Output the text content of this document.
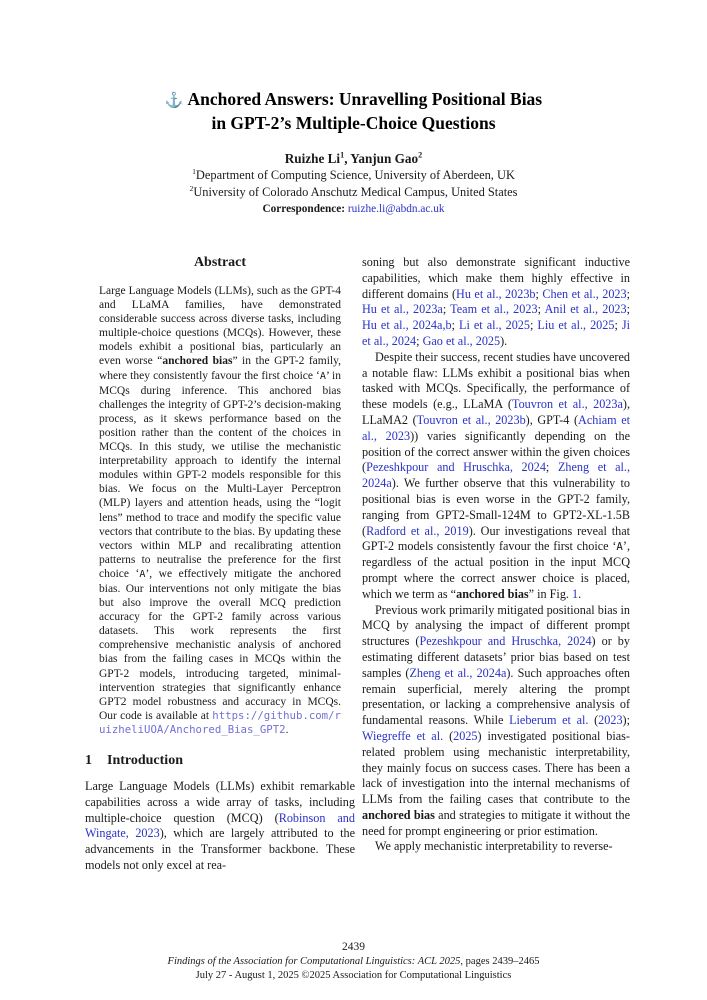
⚓ Anchored Answers: Unravelling Positional Bias
in GPT-2’s Multiple-Choice Questions
Ruizhe Li$^1$, Yanjun Gao$^2$
$^1$Department of Computing Science, University of Aberdeen, UK
$^2$University of Colorado Anschutz Medical Campus, United States
Correspondence: ruizhe.li@abdn.ac.uk
Abstract

Large Language Models (LLMs), such as the GPT-4 and LLaMA families, have demonstrated considerable success across diverse tasks, including multiple-choice questions (MCQs). However, these models exhibit a positional bias, particularly an even worse “anchored bias” in the GPT-2 family, where they consistently favour the first choice ‘A’ in MCQs during inference. This anchored bias challenges the integrity of GPT-2’s decision-making process, as it skews performance based on the position rather than the content of the choices in MCQs. In this study, we utilise the mechanistic interpretability approach to identify the internal modules within GPT-2 models responsible for this bias. We focus on the Multi-Layer Perceptron (MLP) layers and attention heads, using the “logit lens” method to trace and modify the specific value vectors that contribute to the bias. By updating these vectors within MLP and recalibrating attention patterns to neutralise the preference for the first choice ‘A’, we effectively mitigate the anchored bias. Our interventions not only mitigate the bias but also improve the overall MCQ prediction accuracy for the GPT-2 family across various datasets. This work represents the first comprehensive mechanistic analysis of anchored bias from the failing cases in MCQs within the GPT-2 models, introducing targeted, minimal-intervention strategies that significantly enhance GPT2 model robustness and accuracy in MCQs. Our code is available at https://github.com/ruizheliUOA/Anchored_Bias_GPT2.

1 Introduction

Large Language Models (LLMs) exhibit remarkable capabilities across a wide array of tasks, including multiple-choice question (MCQ) (Robinson and Wingate, 2023), which are largely attributed to the advancements in the Transformer backbone. These models not only excel at rea-

soning but also demonstrate significant inductive capabilities, which make them highly effective in different domains (Hu et al., 2023b; Chen et al., 2023; Hu et al., 2023a; Team et al., 2023; Anil et al., 2023; Hu et al., 2024a,b; Li et al., 2025; Liu et al., 2025; Ji et al., 2024; Gao et al., 2025).

Despite their success, recent studies have uncovered a notable flaw: LLMs exhibit a positional bias when tasked with MCQs. Specifically, the performance of these models (e.g., LLaMA (Touvron et al., 2023a), LLaMA2 (Touvron et al., 2023b), GPT-4 (Achiam et al., 2023)) varies significantly depending on the position of the correct answer within the given choices (Pezeshkpour and Hruschka, 2024; Zheng et al., 2024a). We further observe that this vulnerability to positional bias is even worse in the GPT-2 family, ranging from GPT2-Small-124M to GPT2-XL-1.5B (Radford et al., 2019). Our investigations reveal that GPT-2 models consistently favour the first choice ‘A’, regardless of the actual position in the input MCQ prompt where the correct answer choice is placed, which we term as “anchored bias” in Fig. 1.

Previous work primarily mitigated positional bias in MCQ by analysing the impact of different prompt structures (Pezeshkpour and Hruschka, 2024) or by estimating different datasets’ prior bias based on test samples (Zheng et al., 2024a). Such approaches often remain superficial, merely altering the prompt presentation, or lacking a comprehensive analysis of fundamental reasons. While Lieberum et al. (2023); Wiegreffe et al. (2025) investigated positional bias-related problem using mechanistic interpretability, they mainly focus on success cases. There has been a lack of investigation into the internal mechanisms of LLMs from the failing cases that contribute to the anchored bias and strategies to mitigate it without the need for prompt engineering or prior estimation.

We apply mechanistic interpretability to reverse-

2439
Findings of the Association for Computational Linguistics: ACL 2025, pages 2439–2465
July 27 - August 1, 2025 ©2025 Association for Computational Linguistics
